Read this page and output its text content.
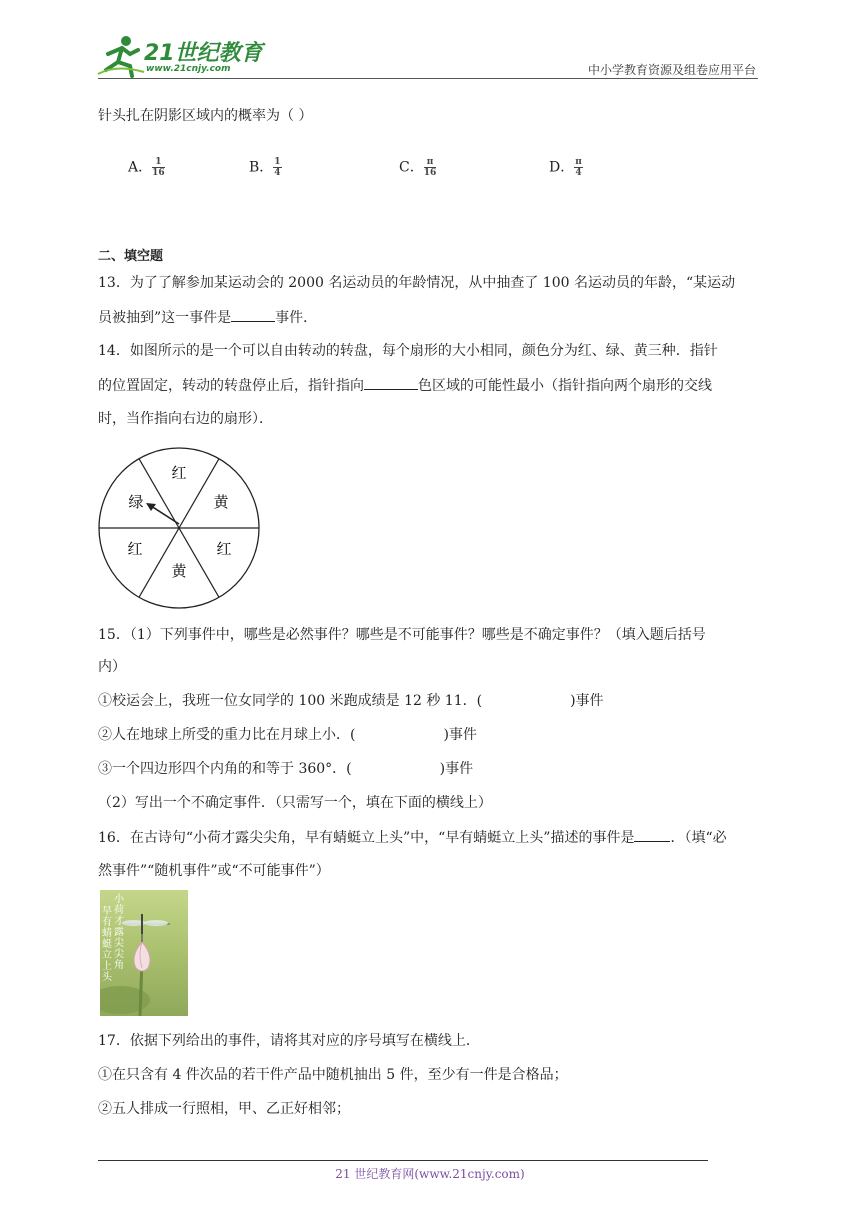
21世纪教育
www.21cnjy.com	中小学教育资源及组卷应用平台
针头扎在阴影区域内的概率为（ ）
A． $\frac{1}{16}$	B． $\frac{1}{4}$	C． $\frac{\pi}{16}$	D． $\frac{\pi}{4}$
二、填空题
13．为了了解参加某运动会的 2000 名运动员的年龄情况，从中抽查了 100 名运动员的年龄，“某运动
员被抽到”这一事件是	事件．
14．如图所示的是一个可以自由转动的转盘，每个扇形的大小相同，颜色分为红、绿、黄三种．指针
的位置固定，转动的转盘停止后，指针指向	色区域的可能性最小（指针指向两个扇形的交线
时，当作指向右边的扇形）．
红
黄
红
黄
红
绿
15．（1）下列事件中，哪些是必然事件？哪些是不可能事件？哪些是不确定事件？（填入题后括号
内）
①校运会上，我班一位女同学的 100 米跑成绩是 12 秒 11．(	)事件
②人在地球上所受的重力比在月球上小．(	)事件
③一个四边形四个内角的和等于 360°．(	)事件
（2）写出一个不确定事件．（只需写一个，填在下面的横线上）
16．在古诗句“小荷才露尖尖角，早有蜻蜓立上头”中，“早有蜻蜓立上头”描述的事件是	．（填“必
然事件”“随机事件”或“不可能事件”）
小荷才露尖尖角
早有蜻蜓立上头
17．依据下列给出的事件，请将其对应的序号填写在横线上．
①在只含有 4 件次品的若干件产品中随机抽出 5 件，至少有一件是合格品；
②五人排成一行照相，甲、乙正好相邻；
21 世纪教育网(www.21cnjy.com)
